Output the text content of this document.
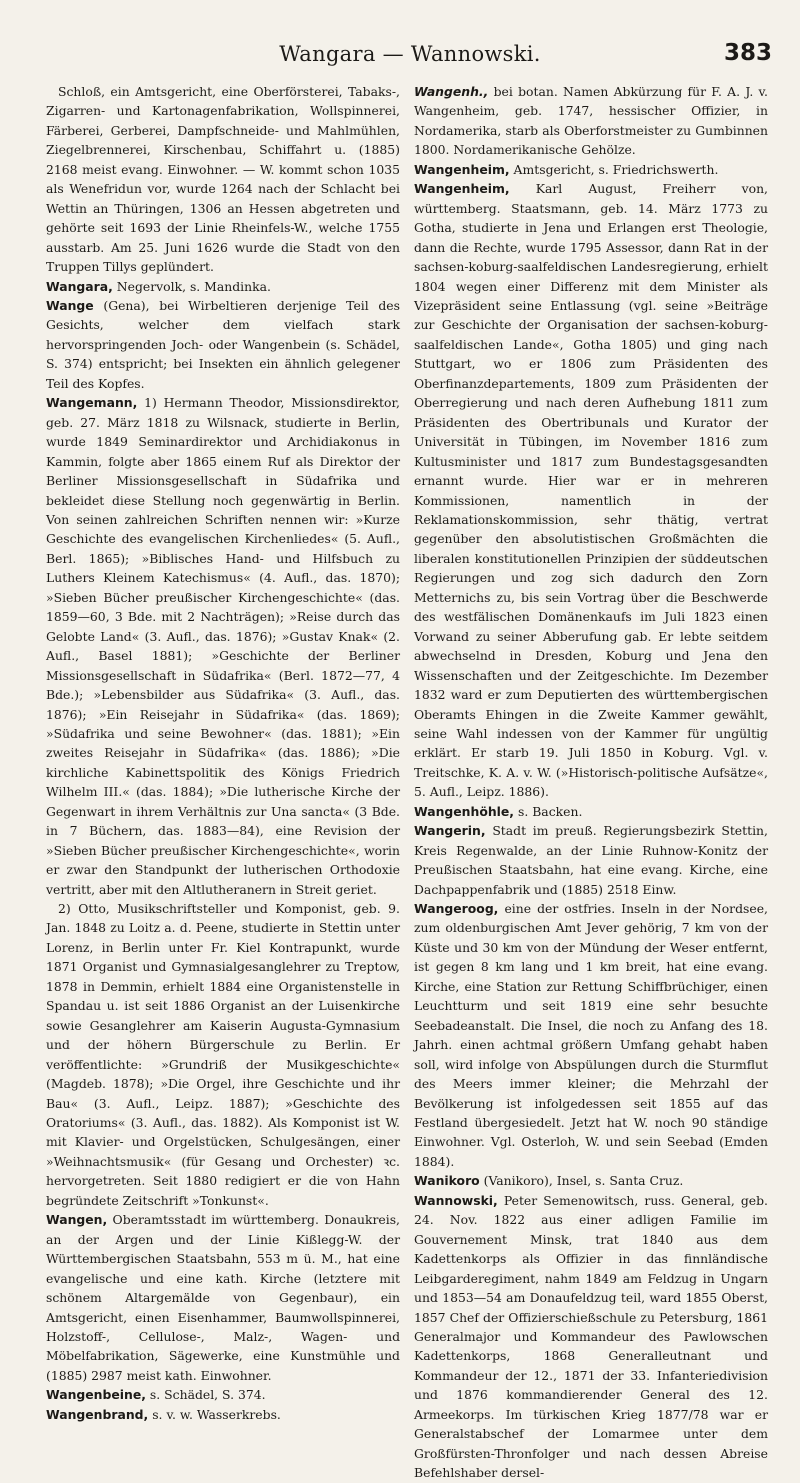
Wangara — Wannowski.	383

Schloß, ein Amtsgericht, eine Oberförsterei, Tabaks-, Zigarren- und Kartonagenfabrikation, Wollspinnerei, Färberei, Gerberei, Dampfschneide- und Mahlmühlen, Ziegelbrennerei, Kirschenbau, Schiffahrt u. (1885) 2168 meist evang. Einwohner. — W. kommt schon 1035 als Wenefridun vor, wurde 1264 nach der Schlacht bei Wettin an Thüringen, 1306 an Hessen abgetreten und gehörte seit 1693 der Linie Rheinfels-W., welche 1755 ausstarb. Am 25. Juni 1626 wurde die Stadt von den Truppen Tillys geplündert.

Wangara, Negervolk, s. Mandinka.

Wange (Gena), bei Wirbeltieren derjenige Teil des Gesichts, welcher dem vielfach stark hervorspringenden Joch- oder Wangenbein (s. Schädel, S. 374) entspricht; bei Insekten ein ähnlich gelegener Teil des Kopfes.

Wangemann, 1) Hermann Theodor, Missionsdirektor, geb. 27. März 1818 zu Wilsnack, studierte in Berlin, wurde 1849 Seminardirektor und Archidiakonus in Kammin, folgte aber 1865 einem Ruf als Direktor der Berliner Missionsgesellschaft in Südafrika und bekleidet diese Stellung noch gegenwärtig in Berlin. Von seinen zahlreichen Schriften nennen wir: »Kurze Geschichte des evangelischen Kirchenliedes« (5. Aufl., Berl. 1865); »Biblisches Hand- und Hilfsbuch zu Luthers Kleinem Katechismus« (4. Aufl., das. 1870); »Sieben Bücher preußischer Kirchengeschichte« (das. 1859—60, 3 Bde. mit 2 Nachträgen); »Reise durch das Gelobte Land« (3. Aufl., das. 1876); »Gustav Knak« (2. Aufl., Basel 1881); »Geschichte der Berliner Missionsgesellschaft in Südafrika« (Berl. 1872—77, 4 Bde.); »Lebensbilder aus Südafrika« (3. Aufl., das. 1876); »Ein Reisejahr in Südafrika« (das. 1869); »Südafrika und seine Bewohner« (das. 1881); »Ein zweites Reisejahr in Südafrika« (das. 1886); »Die kirchliche Kabinettspolitik des Königs Friedrich Wilhelm III.« (das. 1884); »Die lutherische Kirche der Gegenwart in ihrem Verhältnis zur Una sancta« (3 Bde. in 7 Büchern, das. 1883—84), eine Revision der »Sieben Bücher preußischer Kirchengeschichte«, worin er zwar den Standpunkt der lutherischen Orthodoxie vertritt, aber mit den Altlutheranern in Streit geriet.

2) Otto, Musikschriftsteller und Komponist, geb. 9. Jan. 1848 zu Loitz a. d. Peene, studierte in Stettin unter Lorenz, in Berlin unter Fr. Kiel Kontrapunkt, wurde 1871 Organist und Gymnasialgesanglehrer zu Treptow, 1878 in Demmin, erhielt 1884 eine Organistenstelle in Spandau u. ist seit 1886 Organist an der Luisenkirche sowie Gesanglehrer am Kaiserin Augusta-Gymnasium und der höhern Bürgerschule zu Berlin. Er veröffentlichte: »Grundriß der Musikgeschichte« (Magdeb. 1878); »Die Orgel, ihre Geschichte und ihr Bau« (3. Aufl., Leipz. 1887); »Geschichte des Oratoriums« (3. Aufl., das. 1882). Als Komponist ist W. mit Klavier- und Orgelstücken, Schulgesängen, einer »Weihnachtsmusik« (für Gesang und Orchester) ꝛc. hervorgetreten. Seit 1880 redigiert er die von Hahn begründete Zeitschrift »Tonkunst«.

Wangen, Oberamtsstadt im württemberg. Donaukreis, an der Argen und der Linie Kißlegg-W. der Württembergischen Staatsbahn, 553 m ü. M., hat eine evangelische und eine kath. Kirche (letztere mit schönem Altargemälde von Gegenbaur), ein Amtsgericht, einen Eisenhammer, Baumwollspinnerei, Holzstoff-, Cellulose-, Malz-, Wagen- und Möbelfabrikation, Sägewerke, eine Kunstmühle und (1885) 2987 meist kath. Einwohner.

Wangenbeine, s. Schädel, S. 374.

Wangenbrand, s. v. w. Wasserkrebs.

Wangenh., bei botan. Namen Abkürzung für F. A. J. v. Wangenheim, geb. 1747, hessischer Offizier, in Nordamerika, starb als Oberforstmeister zu Gumbinnen 1800. Nordamerikanische Gehölze.

Wangenheim, Amtsgericht, s. Friedrichswerth.

Wangenheim, Karl August, Freiherr von, württemberg. Staatsmann, geb. 14. März 1773 zu Gotha, studierte in Jena und Erlangen erst Theologie, dann die Rechte, wurde 1795 Assessor, dann Rat in der sachsen-koburg-saalfeldischen Landesregierung, erhielt 1804 wegen einer Differenz mit dem Minister als Vizepräsident seine Entlassung (vgl. seine »Beiträge zur Geschichte der Organisation der sachsen-koburg-saalfeldischen Lande«, Gotha 1805) und ging nach Stuttgart, wo er 1806 zum Präsidenten des Oberfinanzdepartements, 1809 zum Präsidenten der Oberregierung und nach deren Aufhebung 1811 zum Präsidenten des Obertribunals und Kurator der Universität in Tübingen, im November 1816 zum Kultusminister und 1817 zum Bundestagsgesandten ernannt wurde. Hier war er in mehreren Kommissionen, namentlich in der Reklamationskommission, sehr thätig, vertrat gegenüber den absolutistischen Großmächten die liberalen konstitutionellen Prinzipien der süddeutschen Regierungen und zog sich dadurch den Zorn Metternichs zu, bis sein Vortrag über die Beschwerde des westfälischen Domänenkaufs im Juli 1823 einen Vorwand zu seiner Abberufung gab. Er lebte seitdem abwechselnd in Dresden, Koburg und Jena den Wissenschaften und der Zeitgeschichte. Im Dezember 1832 ward er zum Deputierten des württembergischen Oberamts Ehingen in die Zweite Kammer gewählt, seine Wahl indessen von der Kammer für ungültig erklärt. Er starb 19. Juli 1850 in Koburg. Vgl. v. Treitschke, K. A. v. W. (»Historisch-politische Aufsätze«, 5. Aufl., Leipz. 1886).

Wangenhöhle, s. Backen.

Wangerin, Stadt im preuß. Regierungsbezirk Stettin, Kreis Regenwalde, an der Linie Ruhnow-Konitz der Preußischen Staatsbahn, hat eine evang. Kirche, eine Dachpappenfabrik und (1885) 2518 Einw.

Wangeroog, eine der ostfries. Inseln in der Nordsee, zum oldenburgischen Amt Jever gehörig, 7 km von der Küste und 30 km von der Mündung der Weser entfernt, ist gegen 8 km lang und 1 km breit, hat eine evang. Kirche, eine Station zur Rettung Schiffbrüchiger, einen Leuchtturm und seit 1819 eine sehr besuchte Seebadeanstalt. Die Insel, die noch zu Anfang des 18. Jahrh. einen achtmal größern Umfang gehabt haben soll, wird infolge von Abspülungen durch die Sturmflut des Meers immer kleiner; die Mehrzahl der Bevölkerung ist infolgedessen seit 1855 auf das Festland übergesiedelt. Jetzt hat W. noch 90 ständige Einwohner. Vgl. Osterloh, W. und sein Seebad (Emden 1884).

Wanikoro (Vanikoro), Insel, s. Santa Cruz.

Wannowski, Peter Semenowitsch, russ. General, geb. 24. Nov. 1822 aus einer adligen Familie im Gouvernement Minsk, trat 1840 aus dem Kadettenkorps als Offizier in das finnländische Leibgarderegiment, nahm 1849 am Feldzug in Ungarn und 1853—54 am Donaufeldzug teil, ward 1855 Oberst, 1857 Chef der Offizierschießschule zu Petersburg, 1861 Generalmajor und Kommandeur des Pawlowschen Kadettenkorps, 1868 Generalleutnant und Kommandeur der 12., 1871 der 33. Infanteriedivision und 1876 kommandierender General des 12. Armeekorps. Im türkischen Krieg 1877/78 war er Generalstabschef der Lomarmee unter dem Großfürsten-Thronfolger und nach dessen Abreise Befehlshaber dersel-
